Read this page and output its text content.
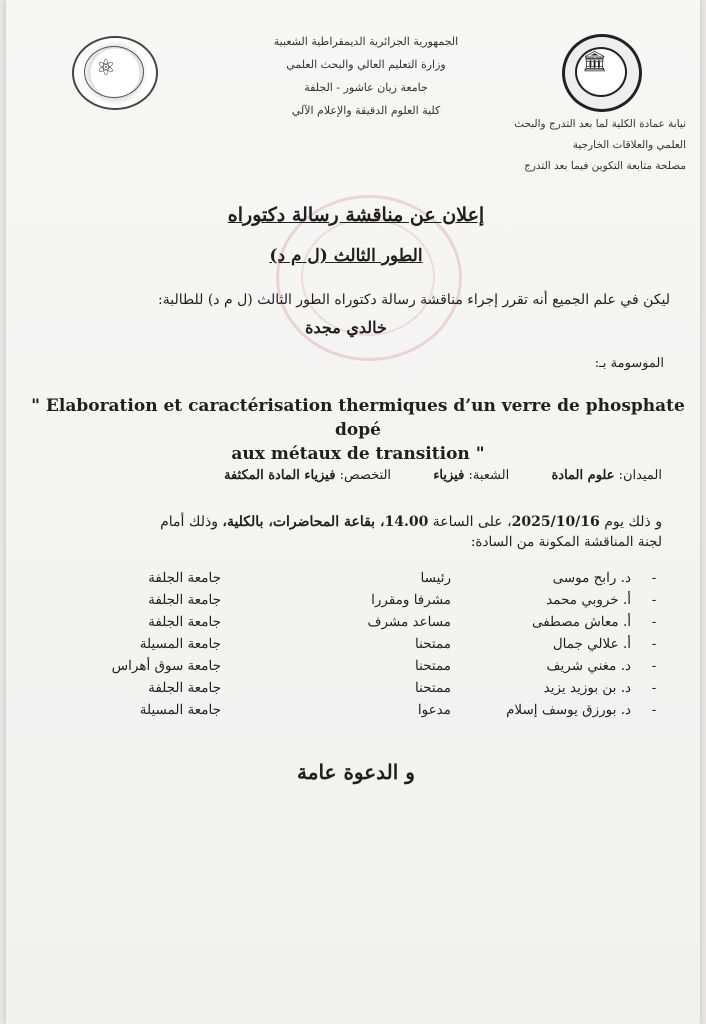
⚛	🏛
الجمهورية الجزائرية الديمقراطية الشعبية
وزارة التعليم العالي والبحث العلمي
جامعة زيان عاشور - الجلفة
كلية العلوم الدقيقة والإعلام الآلي
نيابة عمادة الكلية لما بعد التدرج والبحث
العلمي والعلاقات الخارجية
مصلحة متابعة التكوين فيما بعد التدرج
إعلان عن مناقشة رسالة دكتوراه
الطور الثالث (ل م د)
ليكن في علم الجميع أنه تقرر إجراء مناقشة رسالة دكتوراه الطور الثالث (ل م د) للطالبة:
خالدي مجدة
الموسومة بـ:
" Elaboration et caractérisation thermiques d’un verre de phosphate dopé
aux métaux de transition "
الميدان: علوم المادة  الشعبة: فيزياء  التخصص: فيزياء المادة المكثفة
و ذلك يوم 2025/10/16، على الساعة 14.00، بقاعة المحاضرات، بالكلية، وذلك أمام
لجنة المناقشة المكونة من السادة:
-
د. رابح موسى
رئيسا
جامعة الجلفة
-
أ. خروبي محمد
مشرفا ومقررا
جامعة الجلفة
-
أ. معاش مصطفى
مساعد مشرف
جامعة الجلفة
-
أ. علالي جمال
ممتحنا
جامعة المسيلة
-
د. مغني شريف
ممتحنا
جامعة سوق أهراس
-
د. بن بوزيد يزيد
ممتحنا
جامعة الجلفة
-
د. بورزق يوسف إسلام
مدعوا
جامعة المسيلة
و الدعوة عامة
